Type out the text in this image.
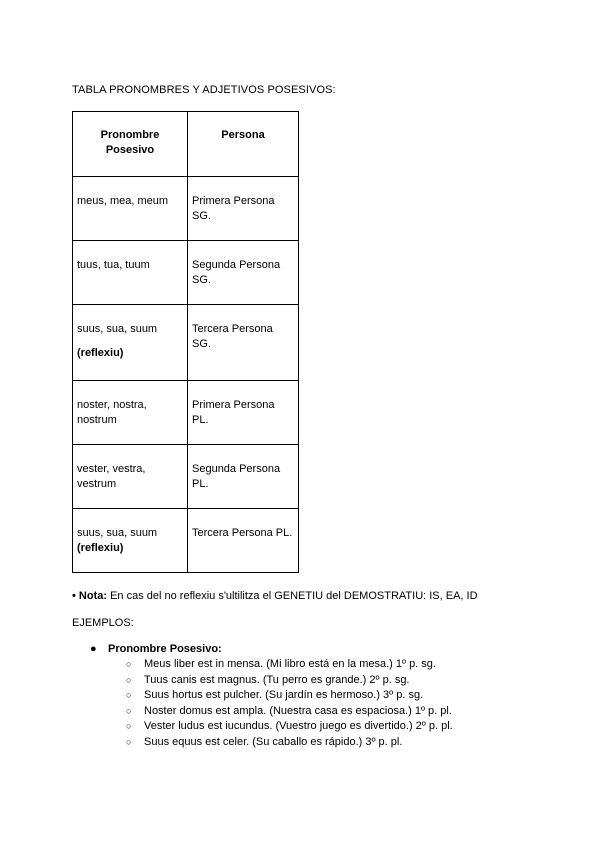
TABLA PRONOMBRES Y ADJETIVOS POSESIVOS:
Pronombre Posesivo	Persona

meus, mea, meum	Primera Persona SG.

tuus, tua, tuum	Segunda Persona SG.

suus, sua, suum
(reflexiu)	Tercera Persona SG.

noster, nostra, nostrum	Primera Persona PL.

vester, vestra, vestrum	Segunda Persona PL.

suus, sua, suum
(reflexiu)	Tercera Persona PL.
• Nota: En cas del no reflexiu s'ultilitza el GENETIU del DEMOSTRATIU: IS, EA, ID
EJEMPLOS:
● Pronombre Posesivo:
○ Meus liber est in mensa. (Mi libro está en la mesa.) 1º p. sg.
○ Tuus canis est magnus. (Tu perro es grande.) 2º p. sg.
○ Suus hortus est pulcher. (Su jardín es hermoso.) 3º p. sg.
○ Noster domus est ampla. (Nuestra casa es espaciosa.) 1º p. pl.
○ Vester ludus est iucundus. (Vuestro juego es divertido.) 2º p. pl.
○ Suus equus est celer. (Su caballo es rápido.) 3º p. pl.
